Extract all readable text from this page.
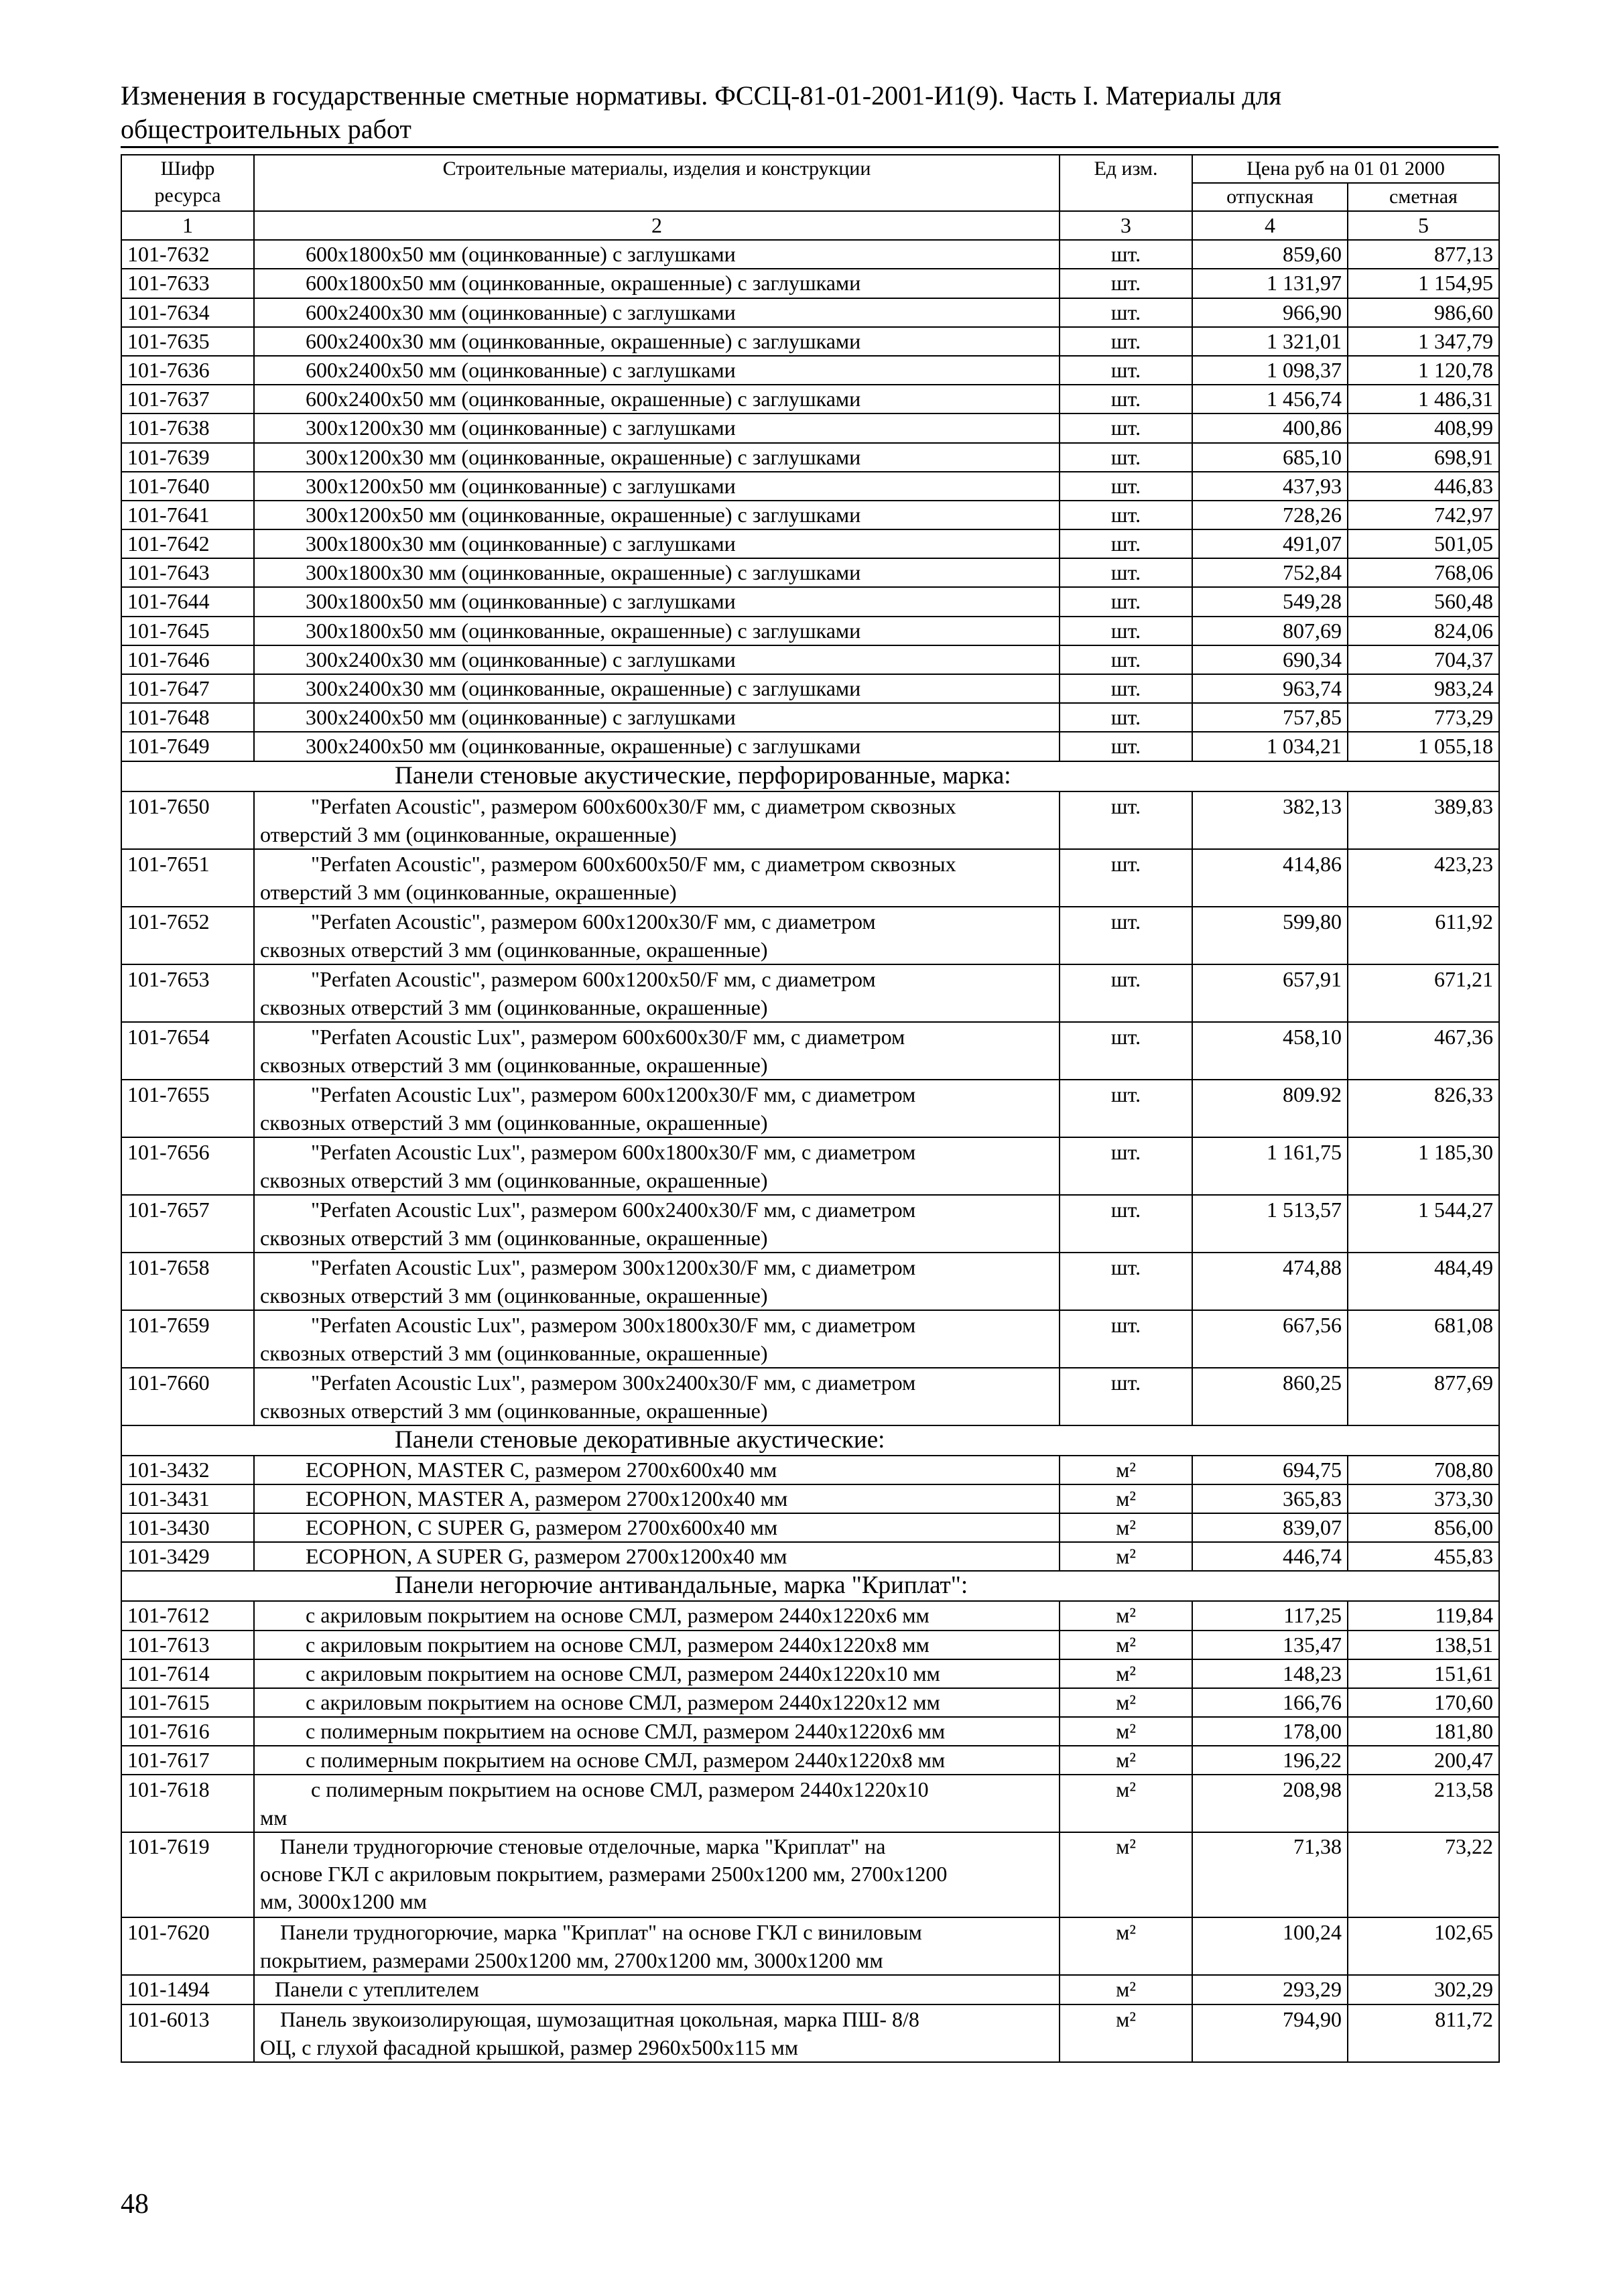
Изменения в государственные сметные нормативы. ФССЦ-81-01-2001-И1(9). Часть I. Материалы для
общестроительных работ
Шифр ресурса	Строительные материалы, изделия и конструкции	Ед изм.	Цена руб на 01 01 2000	
			отпускная	сметная
1	2	3	4	5
101-7632	600x1800x50 мм (оцинкованные) с заглушками	шт.	859,60	877,13
101-7633	600x1800x50 мм (оцинкованные, окрашенные) с заглушками	шт.	1 131,97	1 154,95
101-7634	600x2400x30 мм (оцинкованные) с заглушками	шт.	966,90	986,60
101-7635	600x2400x30 мм (оцинкованные, окрашенные) с заглушками	шт.	1 321,01	1 347,79
101-7636	600x2400x50 мм (оцинкованные) с заглушками	шт.	1 098,37	1 120,78
101-7637	600x2400x50 мм (оцинкованные, окрашенные) с заглушками	шт.	1 456,74	1 486,31
101-7638	300x1200x30 мм (оцинкованные) с заглушками	шт.	400,86	408,99
101-7639	300x1200x30 мм (оцинкованные, окрашенные) с заглушками	шт.	685,10	698,91
101-7640	300x1200x50 мм (оцинкованные) с заглушками	шт.	437,93	446,83
101-7641	300x1200x50 мм (оцинкованные, окрашенные) с заглушками	шт.	728,26	742,97
101-7642	300x1800x30 мм (оцинкованные) с заглушками	шт.	491,07	501,05
101-7643	300x1800x30 мм (оцинкованные, окрашенные) с заглушками	шт.	752,84	768,06
101-7644	300x1800x50 мм (оцинкованные) с заглушками	шт.	549,28	560,48
101-7645	300x1800x50 мм (оцинкованные, окрашенные) с заглушками	шт.	807,69	824,06
101-7646	300x2400x30 мм (оцинкованные) с заглушками	шт.	690,34	704,37
101-7647	300x2400x30 мм (оцинкованные, окрашенные) с заглушками	шт.	963,74	983,24
101-7648	300x2400x50 мм (оцинкованные) с заглушками	шт.	757,85	773,29
101-7649	300x2400x50 мм (оцинкованные, окрашенные) с заглушками	шт.	1 034,21	1 055,18
	Панели стеновые акустические, перфорированные, марка:			
101-7650	"Perfaten Acoustic", размером 600x600x30/F мм, с диаметром сквозных
отверстий 3 мм (оцинкованные, окрашенные)	шт.	382,13	389,83
101-7651	"Perfaten Acoustic", размером 600x600x50/F мм, с диаметром сквозных
отверстий 3 мм (оцинкованные, окрашенные)	шт.	414,86	423,23
101-7652	"Perfaten Acoustic", размером 600x1200x30/F мм, с диаметром
сквозных отверстий 3 мм (оцинкованные, окрашенные)	шт.	599,80	611,92
101-7653	"Perfaten Acoustic", размером 600x1200x50/F мм, с диаметром
сквозных отверстий 3 мм (оцинкованные, окрашенные)	шт.	657,91	671,21
101-7654	"Perfaten Acoustic Lux", размером 600x600x30/F мм, с диаметром
сквозных отверстий 3 мм (оцинкованные, окрашенные)	шт.	458,10	467,36
101-7655	"Perfaten Acoustic Lux", размером 600x1200x30/F мм, с диаметром
сквозных отверстий 3 мм (оцинкованные, окрашенные)	шт.	809.92	826,33
101-7656	"Perfaten Acoustic Lux", размером 600x1800x30/F мм, с диаметром
сквозных отверстий 3 мм (оцинкованные, окрашенные)	шт.	1 161,75	1 185,30
101-7657	"Perfaten Acoustic Lux", размером 600x2400x30/F мм, с диаметром
сквозных отверстий 3 мм (оцинкованные, окрашенные)	шт.	1 513,57	1 544,27
101-7658	"Perfaten Acoustic Lux", размером 300x1200x30/F мм, с диаметром
сквозных отверстий 3 мм (оцинкованные, окрашенные)	шт.	474,88	484,49
101-7659	"Perfaten Acoustic Lux", размером 300x1800x30/F мм, с диаметром
сквозных отверстий 3 мм (оцинкованные, окрашенные)	шт.	667,56	681,08
101-7660	"Perfaten Acoustic Lux", размером 300x2400x30/F мм, с диаметром
сквозных отверстий 3 мм (оцинкованные, окрашенные)	шт.	860,25	877,69
	Панели стеновые декоративные акустические:			
101-3432	ECOPHON, MASTER C, размером 2700x600x40 мм	м²	694,75	708,80
101-3431	ECOPHON, MASTER A, размером 2700x1200x40 мм	м²	365,83	373,30
101-3430	ECOPHON, C SUPER G, размером 2700x600x40 мм	м²	839,07	856,00
101-3429	ECOPHON, A SUPER G, размером 2700x1200x40 мм	м²	446,74	455,83
	Панели негорючие антивандальные, марка "Криплат":			
101-7612	с акриловым покрытием на основе СМЛ, размером 2440x1220x6 мм	м²	117,25	119,84
101-7613	с акриловым покрытием на основе СМЛ, размером 2440x1220x8 мм	м²	135,47	138,51
101-7614	с акриловым покрытием на основе СМЛ, размером 2440x1220x10 мм	м²	148,23	151,61
101-7615	с акриловым покрытием на основе СМЛ, размером 2440x1220x12 мм	м²	166,76	170,60
101-7616	с полимерным покрытием на основе СМЛ, размером 2440x1220x6 мм	м²	178,00	181,80
101-7617	с полимерным покрытием на основе СМЛ, размером 2440x1220x8 мм	м²	196,22	200,47
101-7618	с полимерным покрытием на основе СМЛ, размером 2440x1220x10
мм	м²	208,98	213,58
101-7619	Панели трудногорючие стеновые отделочные, марка "Криплат" на
основе ГКЛ с акриловым покрытием, размерами 2500x1200 мм, 2700x1200
мм, 3000x1200 мм	м²	71,38	73,22
101-7620	Панели трудногорючие, марка "Криплат" на основе ГКЛ с виниловым
покрытием, размерами 2500x1200 мм, 2700x1200 мм, 3000x1200 мм	м²	100,24	102,65
101-1494	Панели с утеплителем	м²	293,29	302,29
101-6013	Панель звукоизолирующая, шумозащитная цокольная, марка ПШ- 8/8
ОЦ, с глухой фасадной крышкой, размер 2960x500x115 мм	м²	794,90	811,72
48
